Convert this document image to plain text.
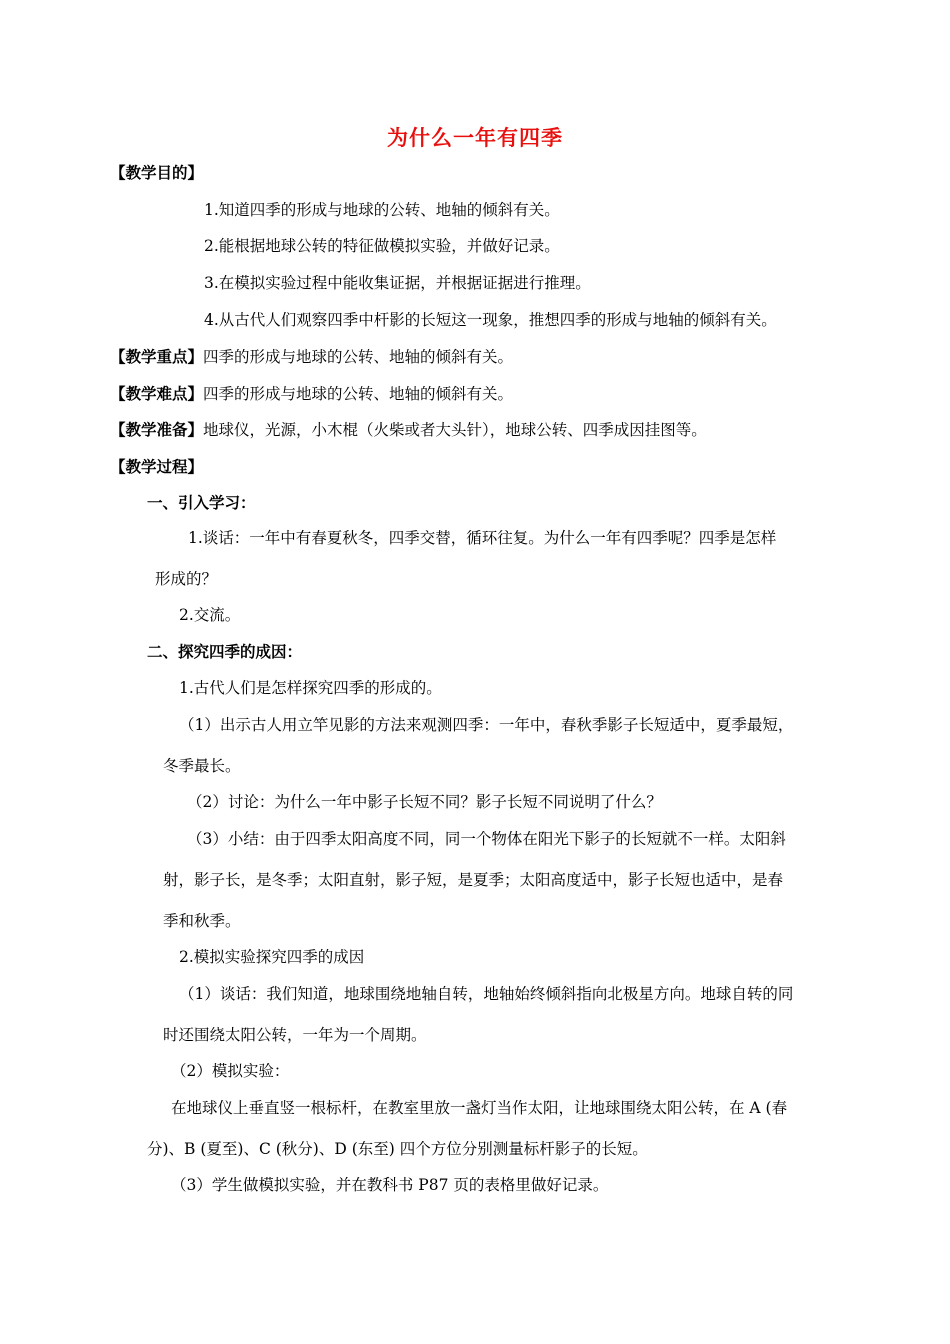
为什么一年有四季
【教学目的】
1.知道四季的形成与地球的公转、地轴的倾斜有关。
2.能根据地球公转的特征做模拟实验，并做好记录。
3.在模拟实验过程中能收集证据，并根据证据进行推理。
4.从古代人们观察四季中杆影的长短这一现象，推想四季的形成与地轴的倾斜有关。
【教学重点】四季的形成与地球的公转、地轴的倾斜有关。
【教学难点】四季的形成与地球的公转、地轴的倾斜有关。
【教学准备】地球仪，光源，小木棍（火柴或者大头针），地球公转、四季成因挂图等。
【教学过程】
一、引入学习：
1.谈话：一年中有春夏秋冬，四季交替，循环往复。为什么一年有四季呢？四季是怎样
形成的？
2.交流。
二、探究四季的成因：
1.古代人们是怎样探究四季的形成的。
（1）出示古人用立竿见影的方法来观测四季：一年中，春秋季影子长短适中，夏季最短，
冬季最长。
（2）讨论：为什么一年中影子长短不同？影子长短不同说明了什么？
（3）小结：由于四季太阳高度不同，同一个物体在阳光下影子的长短就不一样。太阳斜
射，影子长，是冬季；太阳直射，影子短，是夏季；太阳高度适中，影子长短也适中，是春
季和秋季。
2.模拟实验探究四季的成因
（1）谈话：我们知道，地球围绕地轴自转，地轴始终倾斜指向北极星方向。地球自转的同
时还围绕太阳公转，一年为一个周期。
（2）模拟实验：
在地球仪上垂直竖一根标杆，在教室里放一盏灯当作太阳，让地球围绕太阳公转，在 A (春
分)、B (夏至)、C (秋分)、D (东至) 四个方位分别测量标杆影子的长短。
（3）学生做模拟实验，并在教科书 P87 页的表格里做好记录。
